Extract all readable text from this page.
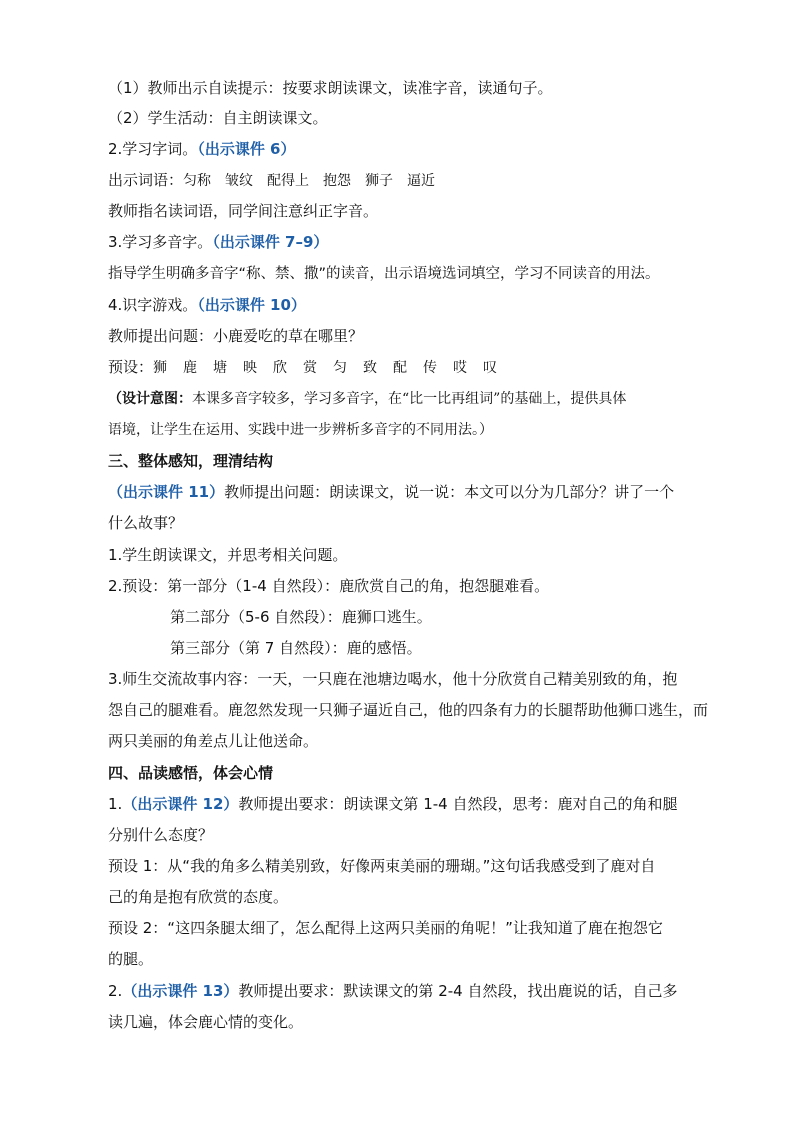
（1）教师出示自读提示：按要求朗读课文，读准字音，读通句子。
（2）学生活动：自主朗读课文。
2.学习字词。（出示课件 6）
出示词语：匀称 皱纹 配得上 抱怨 狮子 逼近
教师指名读词语，同学间注意纠正字音。
3.学习多音字。（出示课件 7–9）
指导学生明确多音字“称、禁、撒”的读音，出示语境选词填空，学习不同读音的用法。
4.识字游戏。（出示课件 10）
教师提出问题：小鹿爱吃的草在哪里？
预设：狮 鹿 塘 映 欣 赏 匀 致 配 传 哎 叹
（设计意图：本课多音字较多，学习多音字，在“比一比再组词”的基础上，提供具体
语境，让学生在运用、实践中进一步辨析多音字的不同用法。）
三、整体感知，理清结构
（出示课件 11）教师提出问题：朗读课文，说一说：本文可以分为几部分？讲了一个
什么故事？
1.学生朗读课文，并思考相关问题。
2.预设：第一部分（1-4 自然段）：鹿欣赏自己的角，抱怨腿难看。
第二部分（5-6 自然段）：鹿狮口逃生。
第三部分（第 7 自然段）：鹿的感悟。
3.师生交流故事内容：一天，一只鹿在池塘边喝水，他十分欣赏自己精美别致的角，抱
怨自己的腿难看。鹿忽然发现一只狮子逼近自己，他的四条有力的长腿帮助他狮口逃生，而
两只美丽的角差点儿让他送命。
四、品读感悟，体会心情
1.（出示课件 12）教师提出要求：朗读课文第 1-4 自然段，思考：鹿对自己的角和腿
分别什么态度？
预设 1：从“我的角多么精美别致，好像两束美丽的珊瑚。”这句话我感受到了鹿对自
己的角是抱有欣赏的态度。
预设 2：“这四条腿太细了，怎么配得上这两只美丽的角呢！”让我知道了鹿在抱怨它
的腿。
2.（出示课件 13）教师提出要求：默读课文的第 2-4 自然段，找出鹿说的话，自己多
读几遍，体会鹿心情的变化。
